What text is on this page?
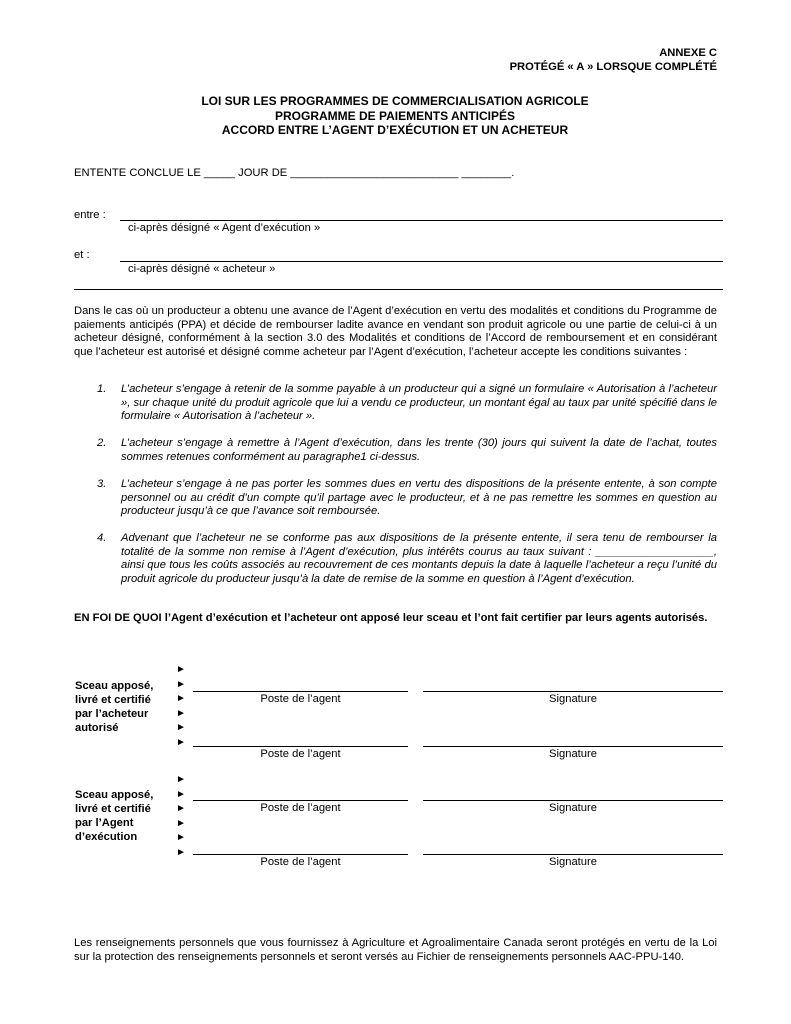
ANNEXE C
PROTÉGÉ « A » LORSQUE COMPLÉTÉ
LOI SUR LES PROGRAMMES DE COMMERCIALISATION AGRICOLE
PROGRAMME DE PAIEMENTS ANTICIPÉS
ACCORD ENTRE L’AGENT D’EXÉCUTION ET UN ACHETEUR
ENTENTE CONCLUE LE _____ JOUR DE ___________________________ ________.
entre :
ci-après désigné « Agent d’exécution »
et :
ci-après désigné « acheteur »
Dans le cas où un producteur a obtenu une avance de l’Agent d’exécution en vertu des modalités et conditions du Programme de paiements anticipés (PPA) et décide de rembourser ladite avance en vendant son produit agricole ou une partie de celui-ci à un acheteur désigné, conformément à la section 3.0 des Modalités et conditions de l’Accord de remboursement et en considérant que l’acheteur est autorisé et désigné comme acheteur par l’Agent d’exécution, l’acheteur accepte les conditions suivantes :
1. L’acheteur s’engage à retenir de la somme payable à un producteur qui a signé un formulaire « Autorisation à l’acheteur », sur chaque unité du produit agricole que lui a vendu ce producteur, un montant égal au taux par unité spécifié dans le formulaire « Autorisation à l’acheteur ».
2. L’acheteur s’engage à remettre à l’Agent d’exécution, dans les trente (30) jours qui suivent la date de l’achat, toutes sommes retenues conformément au paragraphe1 ci-dessus.
3. L’acheteur s’engage à ne pas porter les sommes dues en vertu des dispositions de la présente entente, à son compte personnel ou au crédit d’un compte qu’il partage avec le producteur, et à ne pas remettre les sommes en question au producteur jusqu’à ce que l’avance soit remboursée.
4. Advenant que l’acheteur ne se conforme pas aux dispositions de la présente entente, il sera tenu de rembourser la totalité de la somme non remise à l’Agent d’exécution, plus intérêts courus au taux suivant : ___________________, ainsi que tous les coûts associés au recouvrement de ces montants depuis la date à laquelle l’acheteur a reçu l’unité du produit agricole du producteur jusqu’à la date de remise de la somme en question à l’Agent d’exécution.
EN FOI DE QUOI l’Agent d’exécution et l’acheteur ont apposé leur sceau et l’ont fait certifier par leurs agents autorisés.
Sceau apposé,
livré et certifié
par l’acheteur
autorisé
►
►
►
►
►
►
Poste de l’agent	Signature
Poste de l’agent	Signature
Sceau apposé,
livré et certifié
par l’Agent
d’exécution
►
►
►
►
►
►
Poste de l’agent	Signature
Poste de l’agent	Signature
Les renseignements personnels que vous fournissez à Agriculture et Agroalimentaire Canada seront protégés en vertu de la Loi sur la protection des renseignements personnels et seront versés au Fichier de renseignements personnels AAC-PPU-140.
